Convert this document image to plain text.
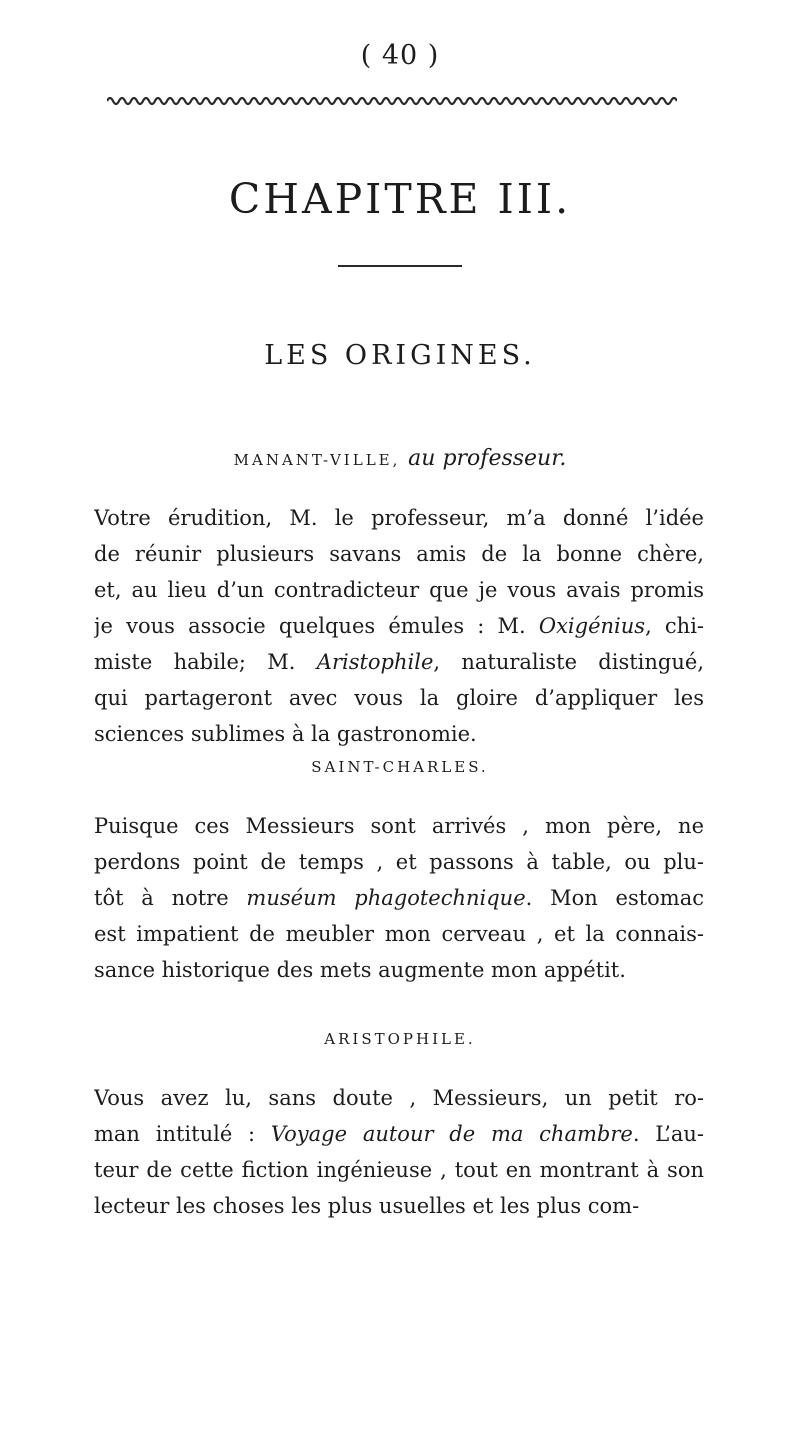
( 40 )
CHAPITRE III.
LES ORIGINES.
MANANT-VILLE, au professeur.

Votre érudition, M. le professeur, m’a donné l’idée
de réunir plusieurs savans amis de la bonne chère,
et, au lieu d’un contradicteur que je vous avais promis
je vous associe quelques émules : M. Oxigénius, chi-
miste habile; M. Aristophile, naturaliste distingué,
qui partageront avec vous la gloire d’appliquer les
sciences sublimes à la gastronomie.

SAINT-CHARLES.

Puisque ces Messieurs sont arrivés , mon père, ne
perdons point de temps , et passons à table, ou plu-
tôt à notre muséum phagotechnique. Mon estomac
est impatient de meubler mon cerveau , et la connais-
sance historique des mets augmente mon appétit.

ARISTOPHILE.

Vous avez lu, sans doute , Messieurs, un petit ro-
man intitulé : Voyage autour de ma chambre. L’au-
teur de cette fiction ingénieuse , tout en montrant à son
lecteur les choses les plus usuelles et les plus com-
